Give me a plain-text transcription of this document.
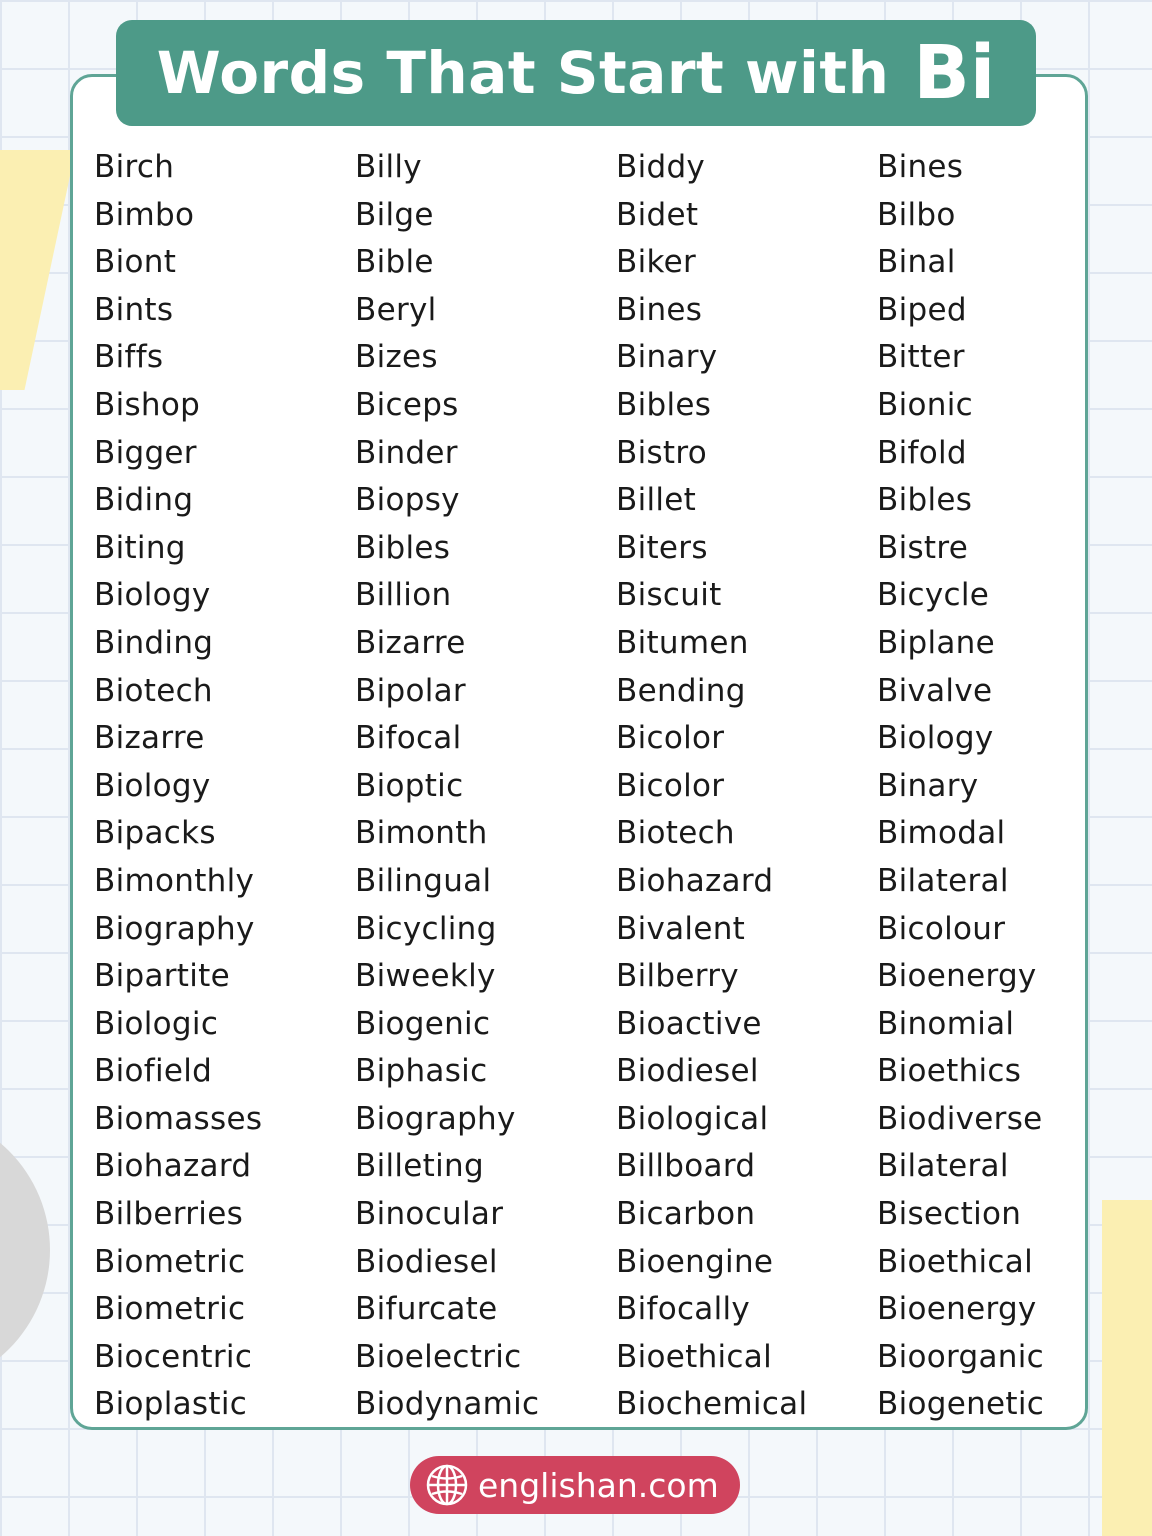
Words That Start with Bi
Birch	Billy	Biddy	Bines
Bimbo	Bilge	Bidet	Bilbo
Biont	Bible	Biker	Binal
Bints	Beryl	Bines	Biped
Biffs	Bizes	Binary	Bitter
Bishop	Biceps	Bibles	Bionic
Bigger	Binder	Bistro	Bifold
Biding	Biopsy	Billet	Bibles
Biting	Bibles	Biters	Bistre
Biology	Billion	Biscuit	Bicycle
Binding	Bizarre	Bitumen	Biplane
Biotech	Bipolar	Bending	Bivalve
Bizarre	Bifocal	Bicolor	Biology
Biology	Bioptic	Bicolor	Binary
Bipacks	Bimonth	Biotech	Bimodal
Bimonthly	Bilingual	Biohazard	Bilateral
Biography	Bicycling	Bivalent	Bicolour
Bipartite	Biweekly	Bilberry	Bioenergy
Biologic	Biogenic	Bioactive	Binomial
Biofield	Biphasic	Biodiesel	Bioethics
Biomasses	Biography	Biological	Biodiverse
Biohazard	Billeting	Billboard	Bilateral
Bilberries	Binocular	Bicarbon	Bisection
Biometric	Biodiesel	Bioengine	Bioethical
Biometric	Bifurcate	Bifocally	Bioenergy
Biocentric	Bioelectric	Bioethical	Bioorganic
Bioplastic	Biodynamic	Biochemical	Biogenetic
englishan.com
